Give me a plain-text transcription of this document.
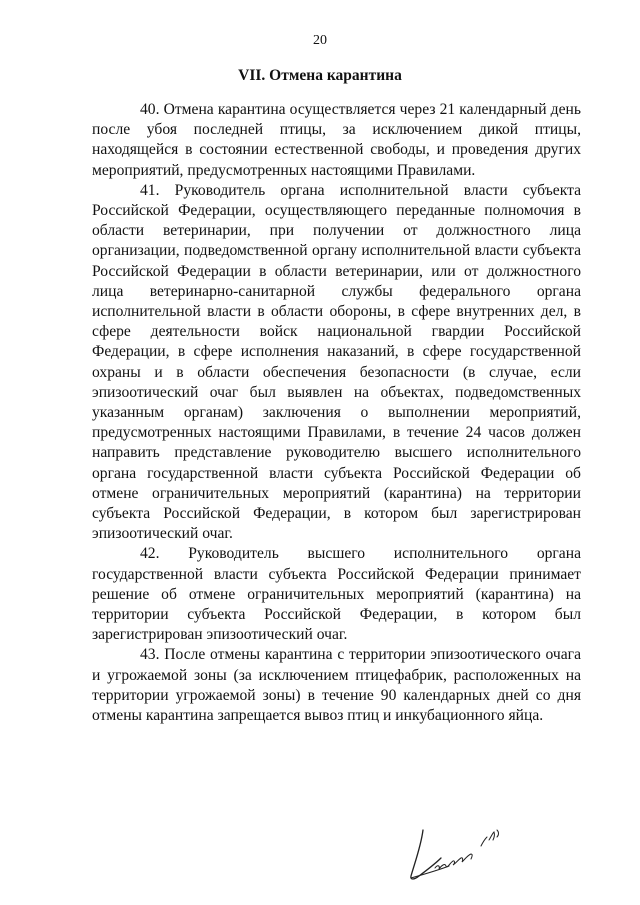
20
VII. Отмена карантина

40. Отмена карантина осуществляется через 21 календарный день после убоя последней птицы, за исключением дикой птицы, находящейся в состоянии естественной свободы, и проведения других мероприятий, предусмотренных настоящими Правилами.

41. Руководитель органа исполнительной власти субъекта Российской Федерации, осуществляющего переданные полномочия в области ветеринарии, при получении от должностного лица организации, подведомственной органу исполнительной власти субъекта Российской Федерации в области ветеринарии, или от должностного лица ветеринарно-санитарной службы федерального органа исполнительной власти в области обороны, в сфере внутренних дел, в сфере деятельности войск национальной гвардии Российской Федерации, в сфере исполнения наказаний, в сфере государственной охраны и в области обеспечения безопасности (в случае, если эпизоотический очаг был выявлен на объектах, подведомственных указанным органам) заключения о выполнении мероприятий, предусмотренных настоящими Правилами, в течение 24 часов должен направить представление руководителю высшего исполнительного органа государственной власти субъекта Российской Федерации об отмене ограничительных мероприятий (карантина) на территории субъекта Российской Федерации, в котором был зарегистрирован эпизоотический очаг.

42. Руководитель высшего исполнительного органа государственной власти субъекта Российской Федерации принимает решение об отмене ограничительных мероприятий (карантина) на территории субъекта Российской Федерации, в котором был зарегистрирован эпизоотический очаг.

43. После отмены карантина с территории эпизоотического очага и угрожаемой зоны (за исключением птицефабрик, расположенных на территории угрожаемой зоны) в течение 90 календарных дней со дня отмены карантина запрещается вывоз птиц и инкубационного яйца.
